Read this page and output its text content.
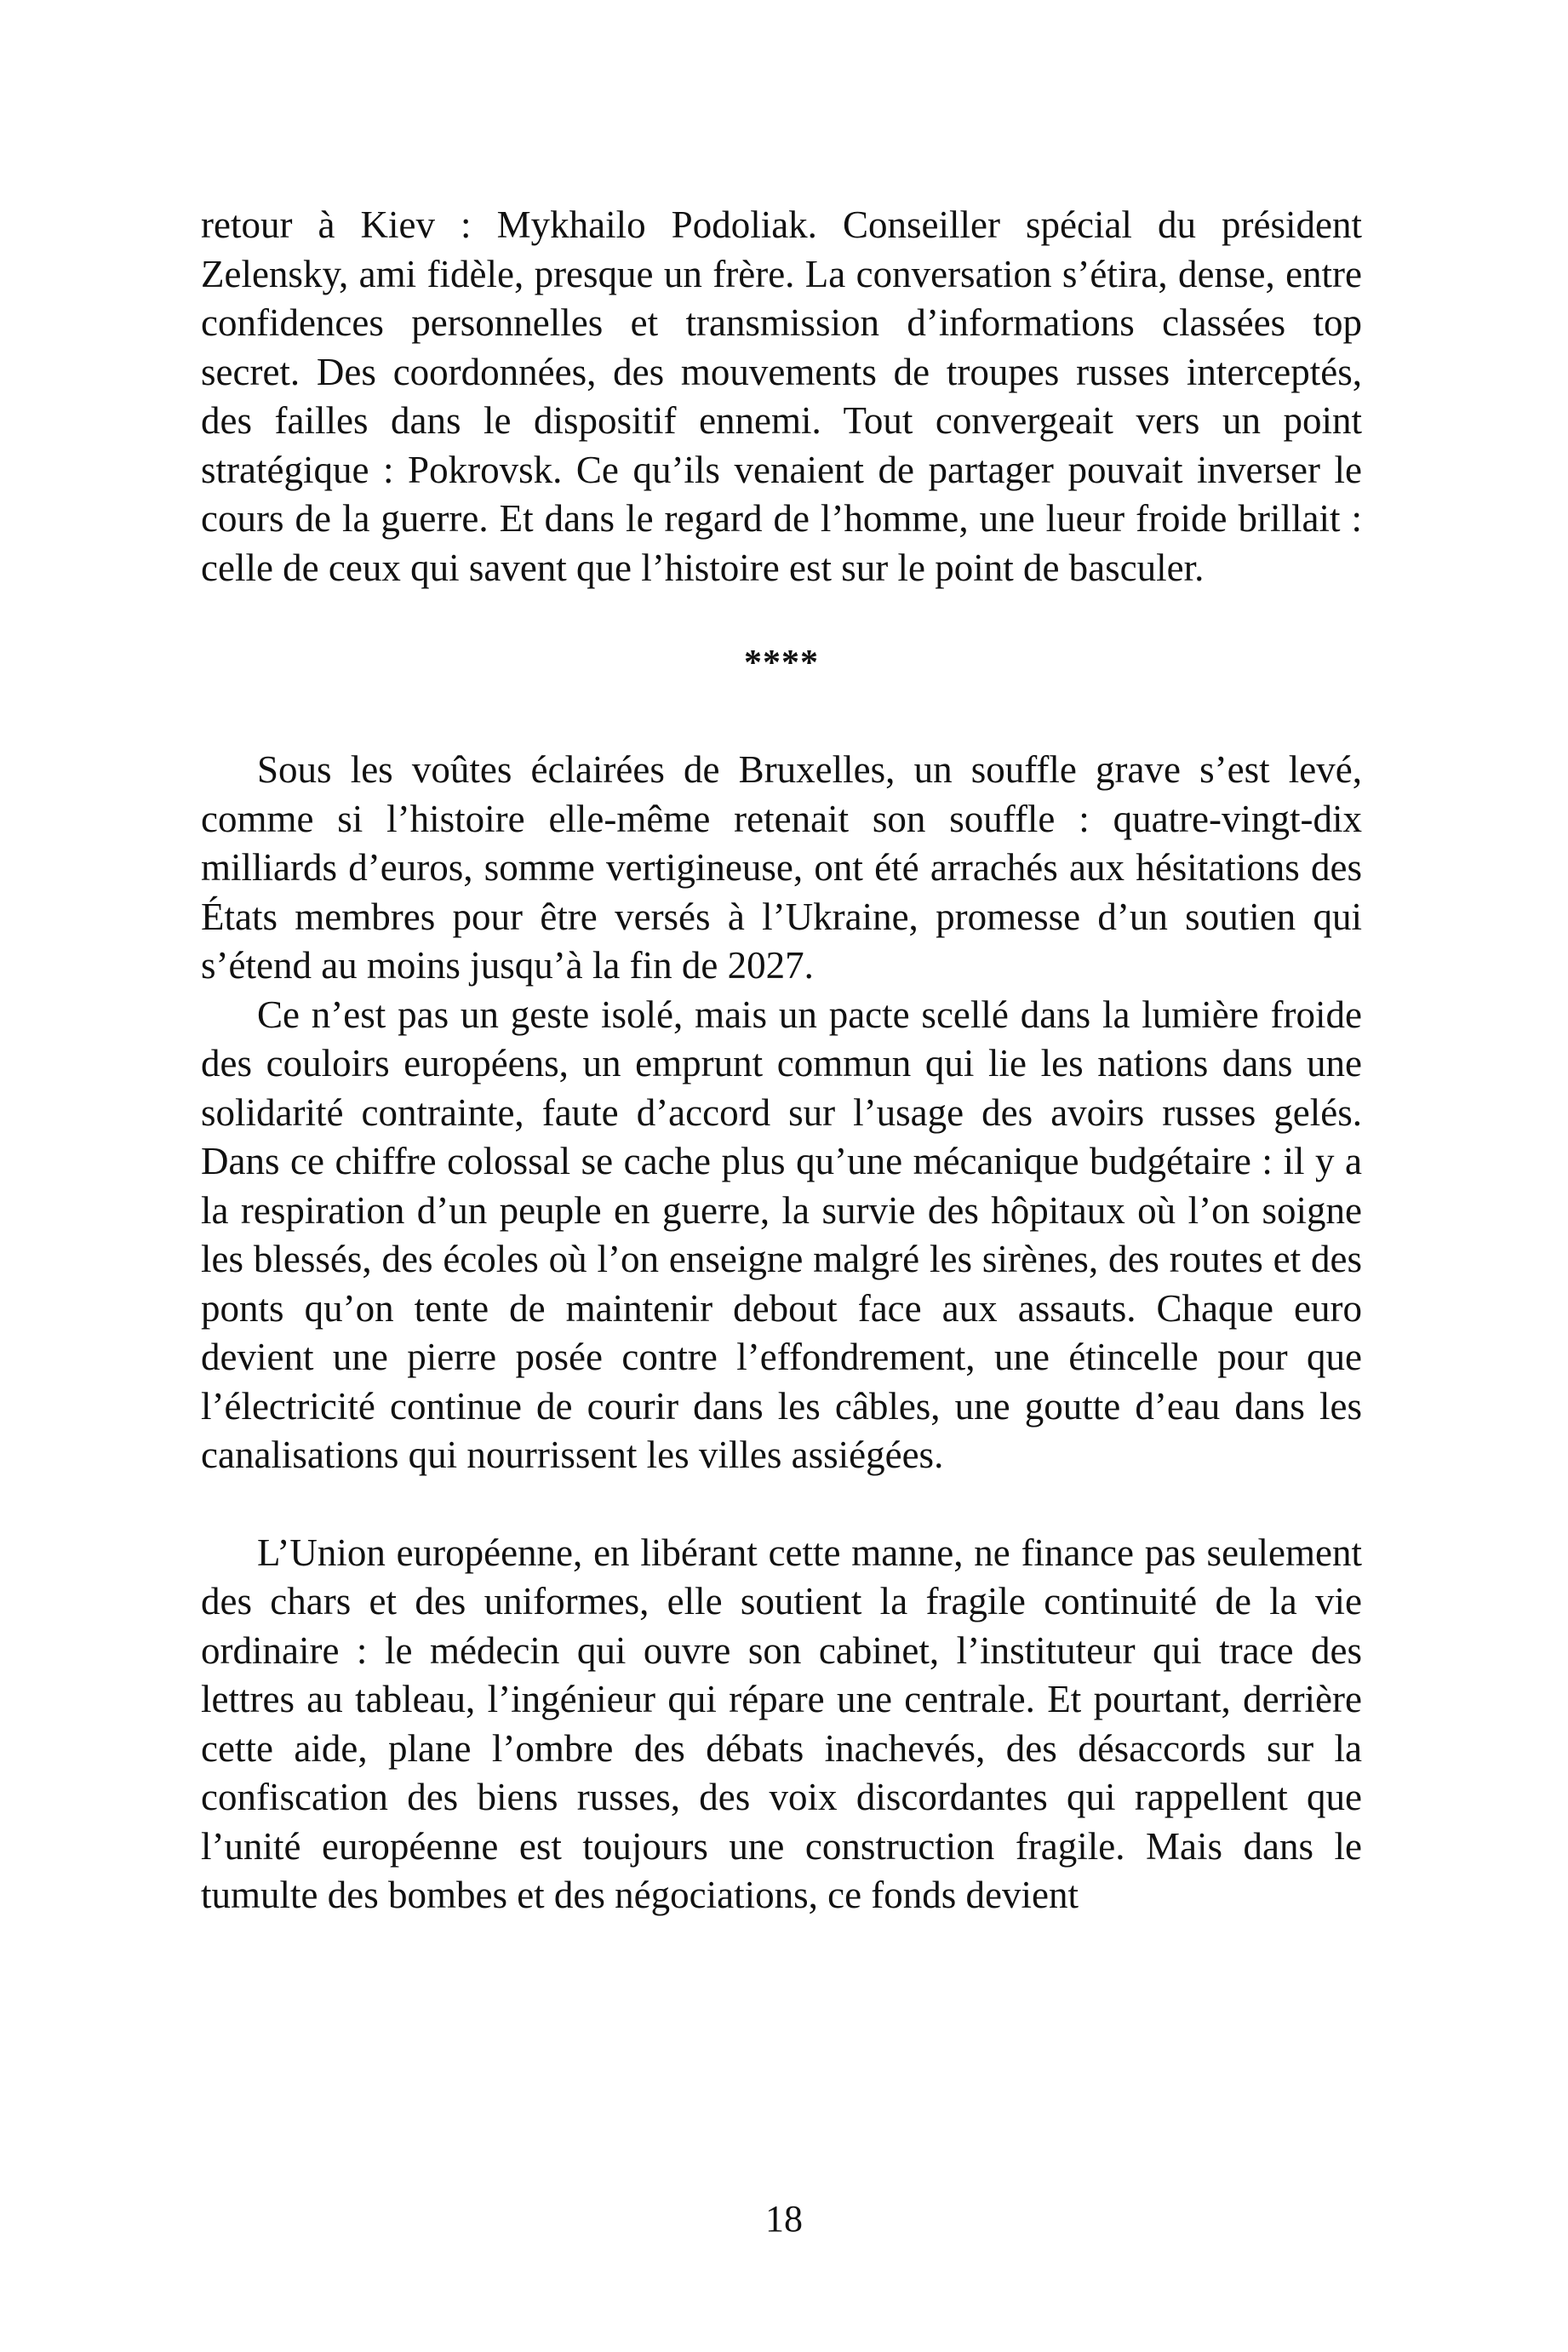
retour à Kiev : Mykhailo Podoliak. Conseiller spécial du président Zelensky, ami fidèle, presque un frère. La conversation s’étira, dense, entre confidences personnelles et transmission d’informations classées top secret. Des coordonnées, des mouvements de troupes russes interceptés, des failles dans le dispositif ennemi. Tout convergeait vers un point stratégique : Pokrovsk. Ce qu’ils venaient de partager pouvait inverser le cours de la guerre. Et dans le regard de l’homme, une lueur froide brillait : celle de ceux qui savent que l’histoire est sur le point de basculer.

****

Sous les voûtes éclairées de Bruxelles, un souffle grave s’est levé, comme si l’histoire elle-même retenait son souffle : quatre-vingt-dix milliards d’euros, somme vertigineuse, ont été arrachés aux hésitations des États membres pour être versés à l’Ukraine, promesse d’un soutien qui s’étend au moins jusqu’à la fin de 2027.

Ce n’est pas un geste isolé, mais un pacte scellé dans la lumière froide des couloirs européens, un emprunt commun qui lie les nations dans une solidarité contrainte, faute d’accord sur l’usage des avoirs russes gelés. Dans ce chiffre colossal se cache plus qu’une mécanique budgétaire : il y a la respiration d’un peuple en guerre, la survie des hôpitaux où l’on soigne les blessés, des écoles où l’on enseigne malgré les sirènes, des routes et des ponts qu’on tente de maintenir debout face aux assauts. Chaque euro devient une pierre posée contre l’effondrement, une étincelle pour que l’électricité continue de courir dans les câbles, une goutte d’eau dans les canalisations qui nourrissent les villes assiégées.

L’Union européenne, en libérant cette manne, ne finance pas seulement des chars et des uniformes, elle soutient la fragile continuité de la vie ordinaire : le médecin qui ouvre son cabinet, l’instituteur qui trace des lettres au tableau, l’ingénieur qui répare une centrale. Et pourtant, derrière cette aide, plane l’ombre des débats inachevés, des désaccords sur la confiscation des biens russes, des voix discordantes qui rappellent que l’unité européenne est toujours une construction fragile. Mais dans le tumulte des bombes et des négociations, ce fonds devient

18
